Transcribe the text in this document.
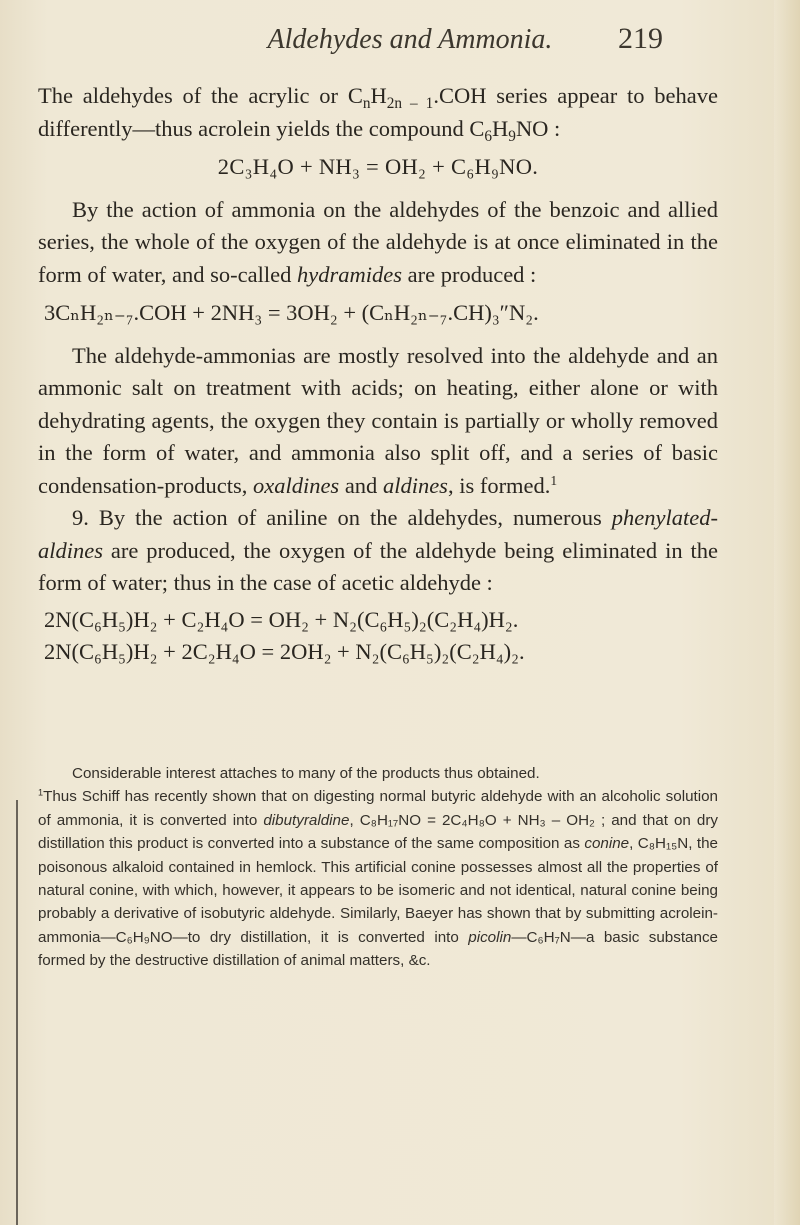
Aldehydes and Ammonia.	219

The aldehydes of the acrylic or $C_nH_{2n - 1}.COH$ series appear to behave differently—thus acrolein yields the compound $C_6H_9NO$ :

2C₃H₄O + NH₃ = OH₂ + C₆H₉NO.

By the action of ammonia on the aldehydes of the benzoic and allied series, the whole of the oxygen of the aldehyde is at once eliminated in the form of water, and so-called hydramides are produced :

3CₙH₂ₙ₋₇.COH + 2NH₃ = 3OH₂ + (CₙH₂ₙ₋₇.CH)₃″N₂.

The aldehyde-ammonias are mostly resolved into the aldehyde and an ammonic salt on treatment with acids; on heating, either alone or with dehydrating agents, the oxygen they contain is partially or wholly removed in the form of water, and ammonia also split off, and a series of basic condensation-products, oxaldines and aldines, is formed.$^1$

9. By the action of aniline on the aldehydes, numerous phenylated-aldines are produced, the oxygen of the aldehyde being eliminated in the form of water; thus in the case of acetic aldehyde :

2N(C₆H₅)H₂ + C₂H₄O = OH₂ + N₂(C₆H₅)₂(C₂H₄)H₂.

2N(C₆H₅)H₂ + 2C₂H₄O = 2OH₂ + N₂(C₆H₅)₂(C₂H₄)₂.

Considerable interest attaches to many of the products thus obtained.

$^1$Thus Schiff has recently shown that on digesting normal butyric aldehyde with an alcoholic solution of ammonia, it is converted into dibutyraldine, C₈H₁₇NO = 2C₄H₈O + NH₃ – OH₂ ; and that on dry distillation this product is converted into a substance of the same composition as conine, C₈H₁₅N, the poisonous alkaloid contained in hemlock. This artificial conine possesses almost all the properties of natural conine, with which, however, it appears to be isomeric and not identical, natural conine being probably a derivative of isobutyric aldehyde. Similarly, Baeyer has shown that by submitting acrolein-ammonia—C₆H₉NO—to dry distillation, it is converted into picolin—C₆H₇N—a basic substance formed by the destructive distillation of animal matters, &c.
